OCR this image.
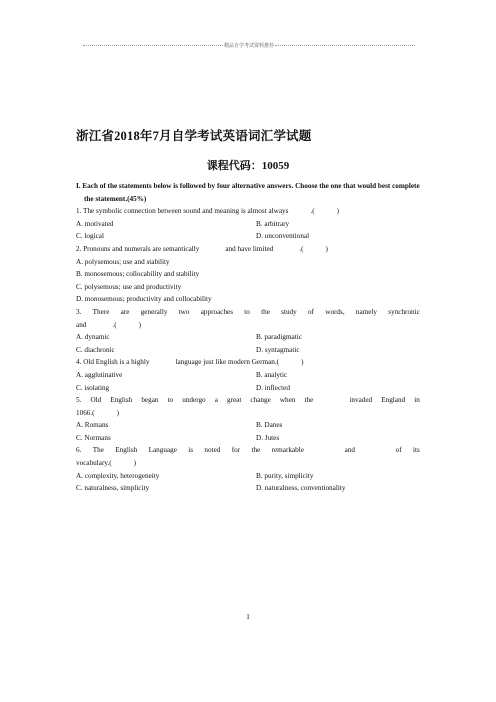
精品自学考试资料推荐
浙江省2018年7月自学考试英语词汇学试题
课程代码：10059
I. Each of the statements below is followed by four alternative answers. Choose the one that would best complete the statement.(45%)
1. The symbolic connection between sound and meaning is almost always	.(	)
A. motivated	B. arbitrary
C. logical	D. unconventional
2. Pronouns and numerals are semantically	and have limited	.(	)
A. polysemous; use and stability
B. monosemous; collocability and stability
C. polysemous; use and productivity
D. monosemous; productivity and collocability
3. There are generally two approaches to the study of words, namely synchronic
and	.(	)
A. dynamic	B. paradigmatic
C. diachronic	D. syntagmatic
4. Old English is a highly	language just like modern German.(	)
A. agglutinative	B. analytic
C. isolating	D. inflected
5. Old English began to undergo a great change when the	invaded England in
1066.(	)
A. Romans	B. Danes
C. Normans	D. Jutes
6. The English Language is noted for the remarkable	and	of its
vocabulary.(	)
A. complexity, heterogeneity	B. purity, simplicity
C. naturalness, simplicity	D. naturalness, conventionality
1
